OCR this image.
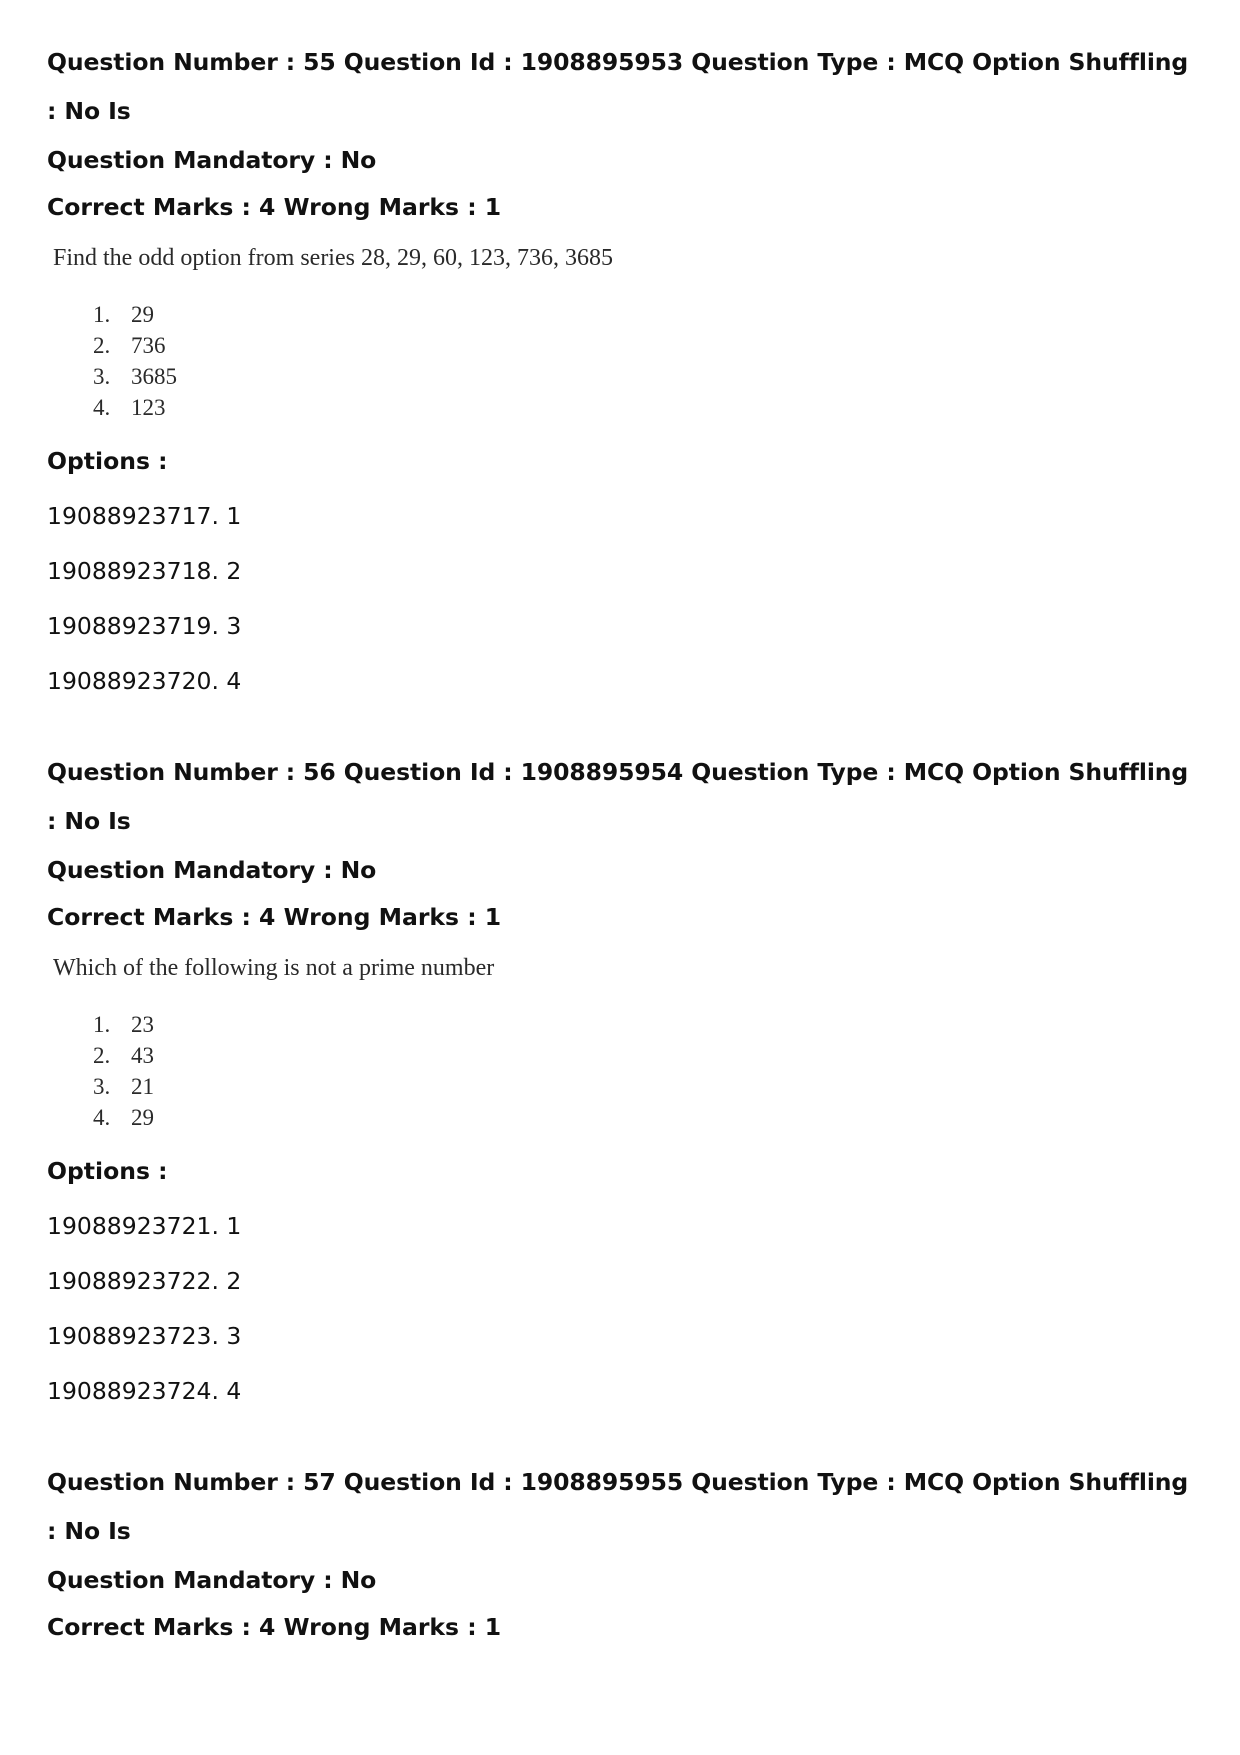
Question Number : 55 Question Id : 1908895953 Question Type : MCQ Option Shuffling : No Is

Question Mandatory : No

Correct Marks : 4 Wrong Marks : 1

Find the odd option from series 28, 29, 60, 123, 736, 3685

1. 29
2. 736
3. 3685
4. 123

Options :

19088923717. 1
19088923718. 2
19088923719. 3
19088923720. 4

Question Number : 56 Question Id : 1908895954 Question Type : MCQ Option Shuffling : No Is

Question Mandatory : No

Correct Marks : 4 Wrong Marks : 1

Which of the following is not a prime number

1. 23
2. 43
3. 21
4. 29

Options :

19088923721. 1
19088923722. 2
19088923723. 3
19088923724. 4

Question Number : 57 Question Id : 1908895955 Question Type : MCQ Option Shuffling : No Is

Question Mandatory : No

Correct Marks : 4 Wrong Marks : 1
